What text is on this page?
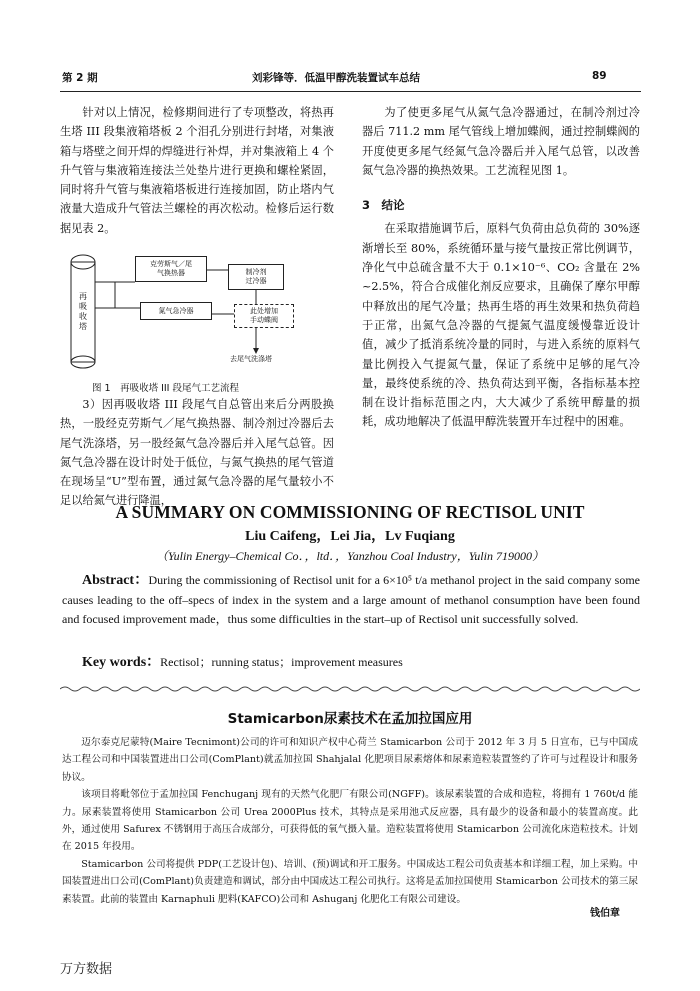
第 2 期	刘彩锋等．低温甲醇洗装置试车总结	89

针对以上情况，检修期间进行了专项整改，将热再生塔 III 段集液箱塔板 2 个泪孔分别进行封堵，对集液箱与塔壁之间开焊的焊缝进行补焊，并对集液箱上 4 个升气管与集液箱连接法兰处垫片进行更换和螺栓紧固，同时将升气管与集液箱塔板进行连接加固，防止塔内气液量大造成升气管法兰螺栓的再次松动。检修后运行数据见表 2。

再
吸
收
塔
克劳斯气／尾
气换热器	制冷剂
过冷器
氮气急冷器	此处增加
手动蝶阀
去尾气洗涤塔
图 1　再吸收塔 III 段尾气工艺流程

3）因再吸收塔 III 段尾气自总管出来后分两股换热，一股经克劳斯气／尾气换热器、制冷剂过冷器后去尾气洗涤塔，另一股经氮气急冷器后并入尾气总管。因氮气急冷器在设计时处于低位，与氮气换热的尾气管道在现场呈“U”型布置，通过氮气急冷器的尾气量较小不足以给氮气进行降温，

为了使更多尾气从氮气急冷器通过，在制冷剂过冷器后 711.2 mm 尾气管线上增加蝶阀，通过控制蝶阀的开度使更多尾气经氮气急冷器后并入尾气总管，以改善氮气急冷器的换热效果。工艺流程见图 1。

3　结论

在采取措施调节后，原料气负荷由总负荷的 30%逐渐增长至 80%，系统循环量与接气量按正常比例调节，净化气中总硫含量不大于 0.1×10⁻⁶、CO₂ 含量在 2%~2.5%，符合合成催化剂反应要求，且确保了摩尔甲醇中释放出的尾气冷量；热再生塔的再生效果和热负荷趋于正常，出氮气急冷器的气提氮气温度缓慢靠近设计值，减少了抵消系统冷量的同时，与进入系统的原料气量比例投入气提氮气量，保证了系统中足够的尾气冷量，最终使系统的冷、热负荷达到平衡，各指标基本控制在设计指标范围之内，大大减少了系统甲醇量的损耗，成功地解决了低温甲醇洗装置开车过程中的困难。

A SUMMARY ON COMMISSIONING OF RECTISOL UNIT
Liu Caifeng，Lei Jia，Lv Fuqiang
（Yulin Energy–Chemical Co．，ltd．，Yanzhou Coal Industry，Yulin 719000）
Abstract：During the commissioning of Rectisol unit for a 6×10⁵ t/a methanol project in the said company some causes leading to the off–specs of index in the system and a large amount of methanol consumption have been found and focused improvement made，thus some difficulties in the start–up of Rectisol unit successfully solved.
Key words：Rectisol；running status；improvement measures
Stamicarbon尿素技术在孟加拉国应用

迈尔泰克尼蒙特(Maire Tecnimont)公司的许可和知识产权中心荷兰 Stamicarbon 公司于 2012 年 3 月 5 日宣布，已与中国成达工程公司和中国装置进出口公司(ComPlant)就孟加拉国 Shahjalal 化肥项目尿素熔体和尿素造粒装置签约了许可与过程设计和服务协议。

该项目将毗邻位于孟加拉国 Fenchuganj 现有的天然气化肥厂有限公司(NGFF)。该尿素装置的合成和造粒，将拥有 1 760t/d 能力。尿素装置将使用 Stamicarbon 公司 Urea 2000Plus 技术，其特点是采用池式反应器，具有最少的设备和最小的装置高度。此外，通过使用 Safurex 不锈钢用于高压合成部分，可获得低的氧气摄入量。造粒装置将使用 Stamicarbon 公司流化床造粒技术。计划在 2015 年投用。

Stamicarbon 公司将提供 PDP(工艺设计包)、培训、(预)调试和开工服务。中国成达工程公司负责基本和详细工程，加上采购。中国装置进出口公司(ComPlant)负责建造和调试，部分由中国成达工程公司执行。这将是孟加拉国使用 Stamicarbon 公司技术的第三尿素装置。此前的装置由 Karnaphuli 肥料(KAFCO)公司和 Ashuganj 化肥化工有限公司建设。

钱伯章
万方数据
